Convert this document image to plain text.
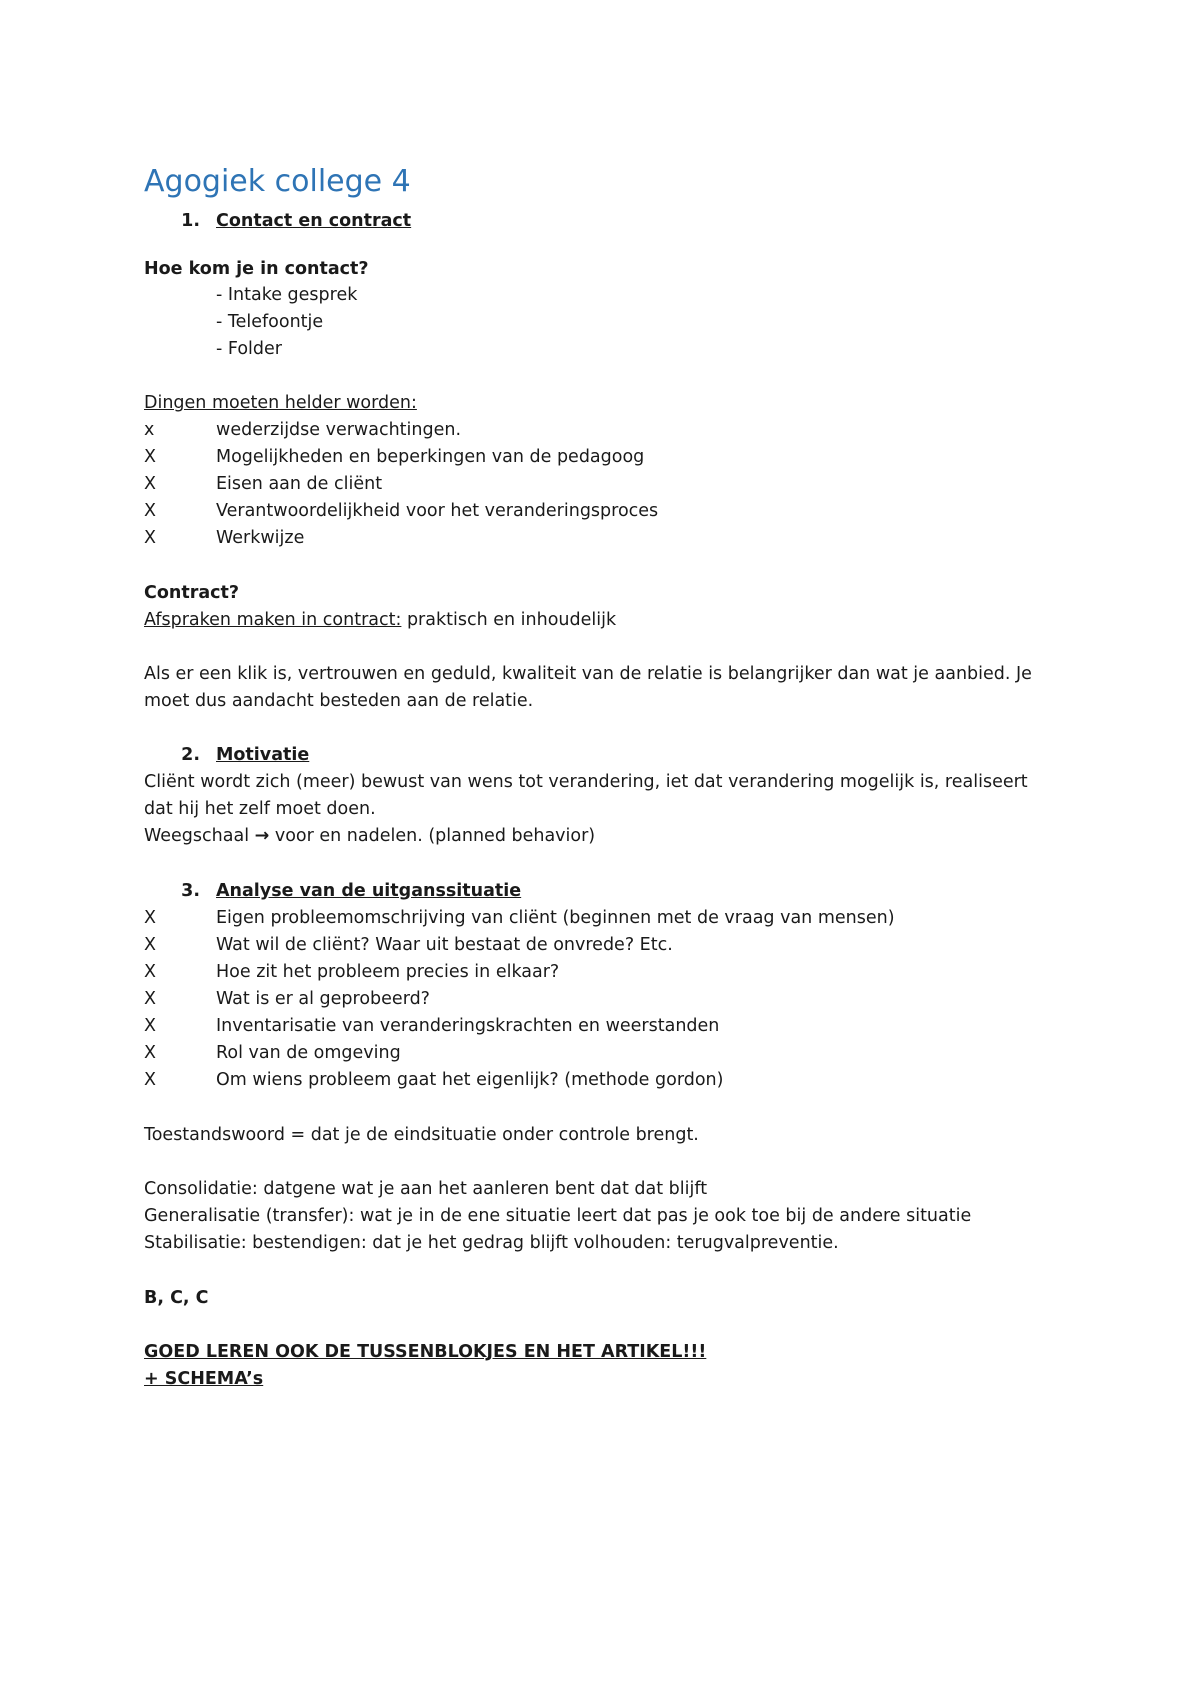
Agogiek college 4
1. Contact en contract
Hoe kom je in contact?
- Intake gesprek
- Telefoontje
- Folder
Dingen moeten helder worden:
x	wederzijdse verwachtingen.
X	Mogelijkheden en beperkingen van de pedagoog
X	Eisen aan de cliënt
X	Verantwoordelijkheid voor het veranderingsproces
X	Werkwijze
Contract?
Afspraken maken in contract: praktisch en inhoudelijk
Als er een klik is, vertrouwen en geduld, kwaliteit van de relatie is belangrijker dan wat je aanbied. Je
moet dus aandacht besteden aan de relatie.
2. Motivatie
Cliënt wordt zich (meer) bewust van wens tot verandering, iet dat verandering mogelijk is, realiseert
dat hij het zelf moet doen.
Weegschaal → voor en nadelen. (planned behavior)
3. Analyse van de uitganssituatie
X	Eigen probleemomschrijving van cliënt (beginnen met de vraag van mensen)
X	Wat wil de cliënt? Waar uit bestaat de onvrede? Etc.
X	Hoe zit het probleem precies in elkaar?
X	Wat is er al geprobeerd?
X	Inventarisatie van veranderingskrachten en weerstanden
X	Rol van de omgeving
X	Om wiens probleem gaat het eigenlijk? (methode gordon)
Toestandswoord = dat je de eindsituatie onder controle brengt.
Consolidatie: datgene wat je aan het aanleren bent dat dat blijft
Generalisatie (transfer): wat je in de ene situatie leert dat pas je ook toe bij de andere situatie
Stabilisatie: bestendigen: dat je het gedrag blijft volhouden: terugvalpreventie.
B, C, C
GOED LEREN OOK DE TUSSENBLOKJES EN HET ARTIKEL!!!
+ SCHEMA’s
